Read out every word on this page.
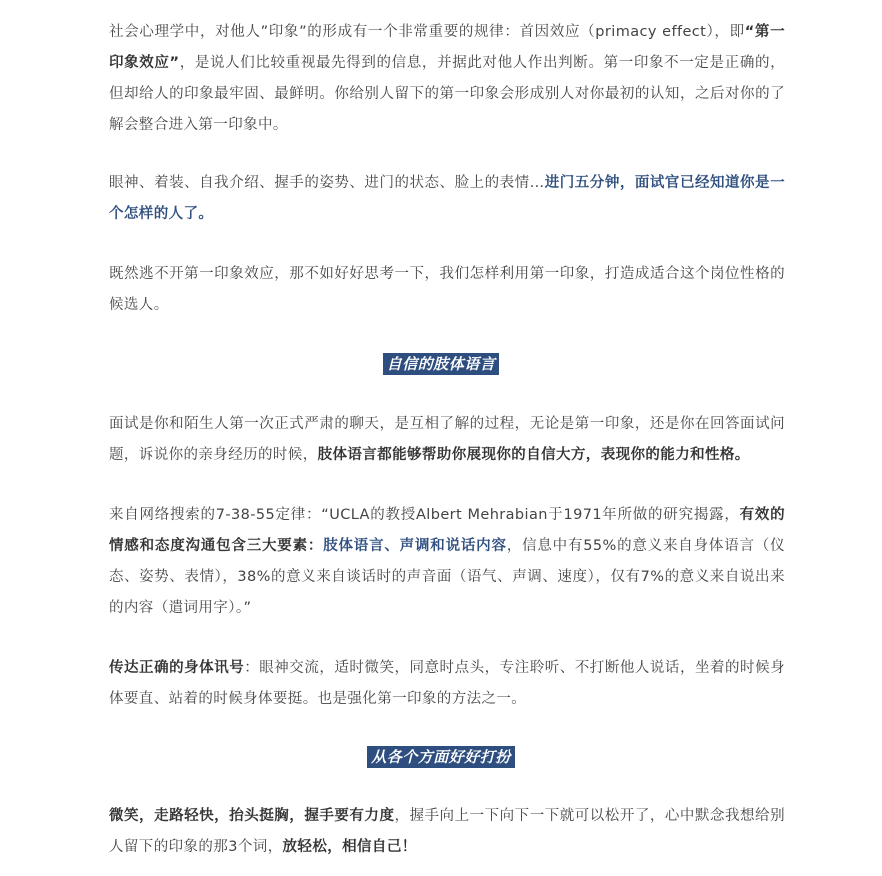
社会心理学中，对他人”印象”的形成有一个非常重要的规律：首因效应（primacy effect），即“第一印象效应”，是说人们比较重视最先得到的信息，并据此对他人作出判断。第一印象不一定是正确的，但却给人的印象最牢固、最鲜明。你给别人留下的第一印象会形成别人对你最初的认知，之后对你的了解会整合进入第一印象中。

眼神、着装、自我介绍、握手的姿势、进门的状态、脸上的表情…进门五分钟，面试官已经知道你是一个怎样的人了。

既然逃不开第一印象效应，那不如好好思考一下，我们怎样利用第一印象，打造成适合这个岗位性格的候选人。

自信的肢体语言

面试是你和陌生人第一次正式严肃的聊天，是互相了解的过程，无论是第一印象，还是你在回答面试问题，诉说你的亲身经历的时候，肢体语言都能够帮助你展现你的自信大方，表现你的能力和性格。

来自网络搜索的7-38-55定律：“UCLA的教授Albert Mehrabian于1971年所做的研究揭露，有效的情感和态度沟通包含三大要素：肢体语言、声调和说话内容，信息中有55%的意义来自身体语言（仪态、姿势、表情），38%的意义来自谈话时的声音面（语气、声调、速度），仅有7%的意义来自说出来的内容（遣词用字）。”

传达正确的身体讯号：眼神交流，适时微笑，同意时点头，专注聆听、不打断他人说话，坐着的时候身体要直、站着的时候身体要挺。也是强化第一印象的方法之一。

从各个方面好好打扮

微笑，走路轻快，抬头挺胸，握手要有力度，握手向上一下向下一下就可以松开了，心中默念我想给别人留下的印象的那3个词，放轻松，相信自己！
